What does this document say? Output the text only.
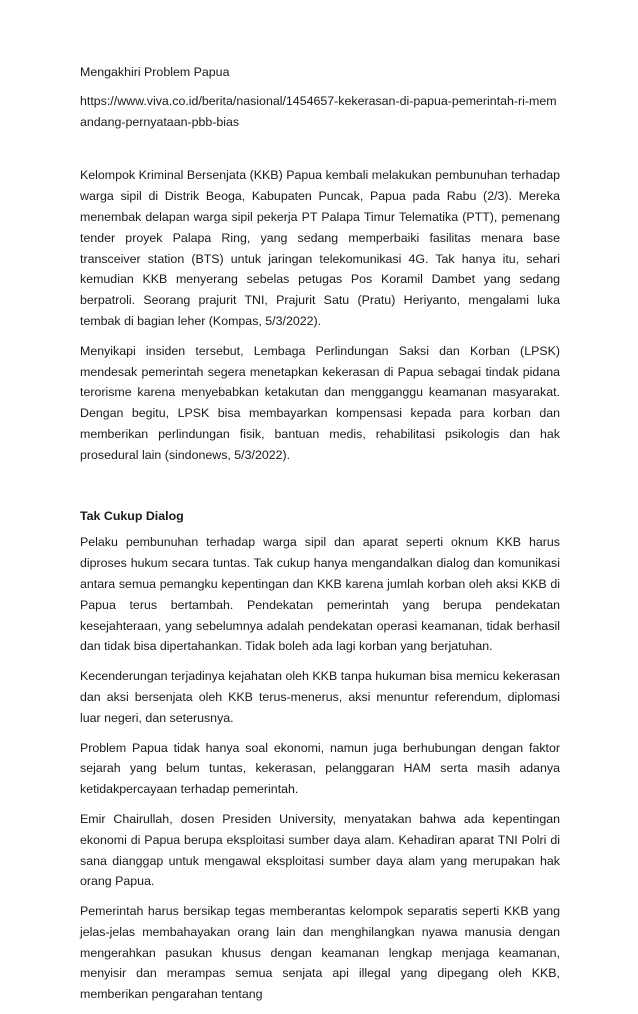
Mengakhiri Problem Papua

https://www.viva.co.id/berita/nasional/1454657-kekerasan-di-papua-pemerintah-ri-memandang-pernyataan-pbb-bias

Kelompok Kriminal Bersenjata (KKB) Papua kembali melakukan pembunuhan terhadap warga sipil di Distrik Beoga, Kabupaten Puncak, Papua pada Rabu (2/3). Mereka menembak delapan warga sipil pekerja PT Palapa Timur Telematika (PTT), pemenang tender proyek Palapa Ring, yang sedang memperbaiki fasilitas menara base transceiver station (BTS) untuk jaringan telekomunikasi 4G. Tak hanya itu, sehari kemudian KKB menyerang sebelas petugas Pos Koramil Dambet yang sedang berpatroli. Seorang prajurit TNI, Prajurit Satu (Pratu) Heriyanto, mengalami luka tembak di bagian leher (Kompas, 5/3/2022).

Menyikapi insiden tersebut, Lembaga Perlindungan Saksi dan Korban (LPSK) mendesak pemerintah segera menetapkan kekerasan di Papua sebagai tindak pidana terorisme karena menyebabkan ketakutan dan mengganggu keamanan masyarakat. Dengan begitu, LPSK bisa membayarkan kompensasi kepada para korban dan memberikan perlindungan fisik, bantuan medis, rehabilitasi psikologis dan hak prosedural lain (sindonews, 5/3/2022).

Tak Cukup Dialog

Pelaku pembunuhan terhadap warga sipil dan aparat seperti oknum KKB harus diproses hukum secara tuntas. Tak cukup hanya mengandalkan dialog dan komunikasi antara semua pemangku kepentingan dan KKB karena jumlah korban oleh aksi KKB di Papua terus bertambah. Pendekatan pemerintah yang berupa pendekatan kesejahteraan, yang sebelumnya adalah pendekatan operasi keamanan, tidak berhasil dan tidak bisa dipertahankan. Tidak boleh ada lagi korban yang berjatuhan.

Kecenderungan terjadinya kejahatan oleh KKB tanpa hukuman bisa memicu kekerasan dan aksi bersenjata oleh KKB terus-menerus, aksi menuntur referendum, diplomasi luar negeri, dan seterusnya.

Problem Papua tidak hanya soal ekonomi, namun juga berhubungan dengan faktor sejarah yang belum tuntas, kekerasan, pelanggaran HAM serta masih adanya ketidakpercayaan terhadap pemerintah.

Emir Chairullah, dosen Presiden University, menyatakan bahwa ada kepentingan ekonomi di Papua berupa eksploitasi sumber daya alam. Kehadiran aparat TNI Polri di sana dianggap untuk mengawal eksploitasi sumber daya alam yang merupakan hak orang Papua.

Pemerintah harus bersikap tegas memberantas kelompok separatis seperti KKB yang jelas-jelas membahayakan orang lain dan menghilangkan nyawa manusia dengan mengerahkan pasukan khusus dengan keamanan lengkap menjaga keamanan, menyisir dan merampas semua senjata api illegal yang dipegang oleh KKB, memberikan pengarahan tentang
